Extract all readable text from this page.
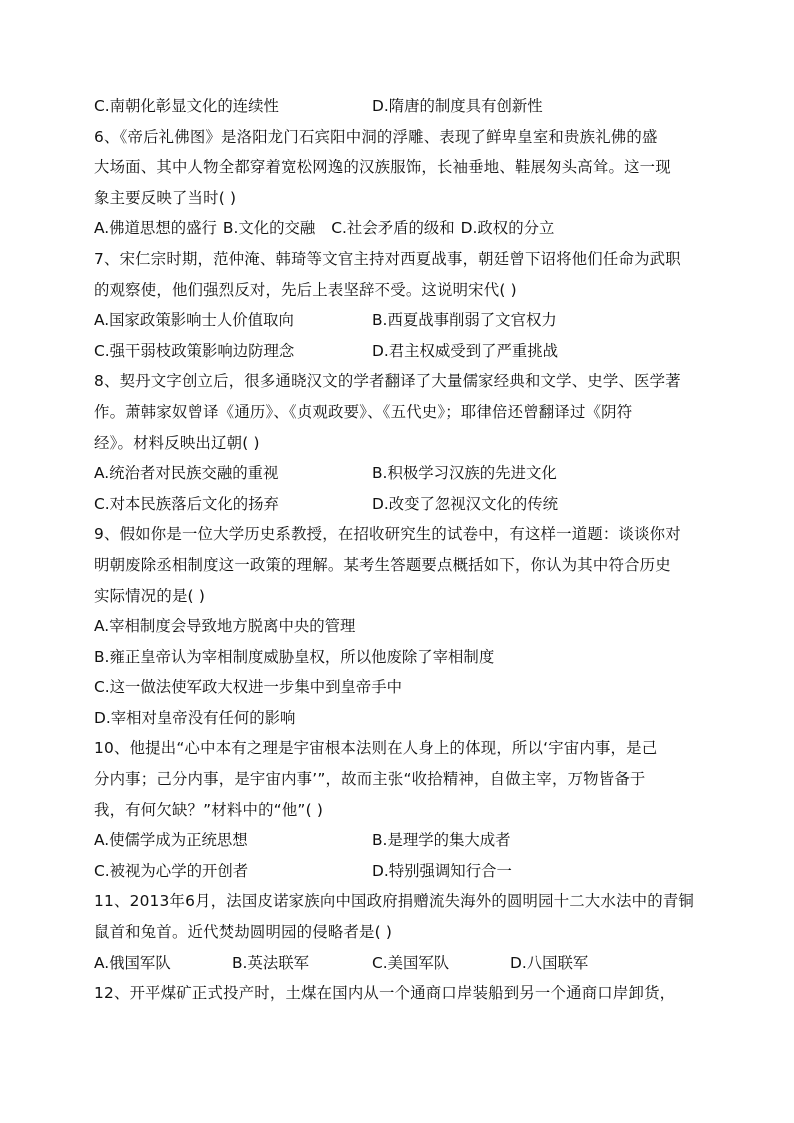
C.南朝化彰显文化的连续性	D.隋唐的制度具有创新性
6、《帝后礼佛图》是洛阳龙门石宾阳中洞的浮雕、表现了鲜卑皇室和贵族礼佛的盛
大场面、其中人物全都穿着宽松网逸的汉族服饰，长袖垂地、鞋展匆头高耸。这一现
象主要反映了当时( )
A.佛道思想的盛行 B.文化的交融 C.社会矛盾的级和 D.政权的分立
7、宋仁宗时期，范仲淹、韩琦等文官主持对西夏战事，朝廷曾下诏将他们任命为武职
的观察使，他们强烈反对，先后上表坚辞不受。这说明宋代( )
A.国家政策影响士人价值取向	B.西夏战事削弱了文官权力
C.强干弱枝政策影响边防理念	D.君主权威受到了严重挑战
8、契丹文字创立后，很多通晓汉文的学者翻译了大量儒家经典和文学、史学、医学著
作。萧韩家奴曾译《通历》、《贞观政要》、《五代史》；耶律倍还曾翻译过《阴符
经》。材料反映出辽朝( )
A.统治者对民族交融的重视	B.积极学习汉族的先进文化
C.对本民族落后文化的扬弃	D.改变了忽视汉文化的传统
9、假如你是一位大学历史系教授，在招收研究生的试卷中，有这样一道题：谈谈你对
明朝废除丞相制度这一政策的理解。某考生答题要点概括如下，你认为其中符合历史
实际情况的是( )
A.宰相制度会导致地方脱离中央的管理
B.雍正皇帝认为宰相制度威胁皇权，所以他废除了宰相制度
C.这一做法使军政大权进一步集中到皇帝手中
D.宰相对皇帝没有任何的影响
10、他提出“心中本有之理是宇宙根本法则在人身上的体现，所以‘宇宙内事，是己
分内事；己分内事，是宇宙内事’”，故而主张“收拾精神，自做主宰，万物皆备于
我，有何欠缺？”材料中的“他”( )
A.使儒学成为正统思想	B.是理学的集大成者
C.被视为心学的开创者	D.特别强调知行合一
11、2013年6月，法国皮诺家族向中国政府捐赠流失海外的圆明园十二大水法中的青铜
鼠首和兔首。近代焚劫圆明园的侵略者是( )
A.俄国军队	B.英法联军	C.美国军队	D.八国联军
12、开平煤矿正式投产时，土煤在国内从一个通商口岸装船到另一个通商口岸卸货，
